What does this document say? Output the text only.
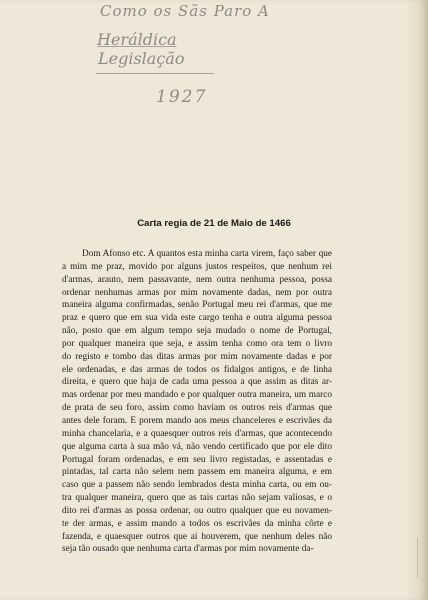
Como os Sãs Paro A
Heráldica
Legislação
1927
Carta regia de 21 de Maio de 1466
Dom Afonso etc. A quantos esta minha carta virem, faço saber que
a mim me praz, movido por alguns justos respeitos, que nenhum rei
d'armas, arauto, nem passavante, nem outra nenhuma pessoa, possa
ordenar nenhumas armas por mim novamente dadas, nem por outra
maneira alguma confirmadas, senão Portugal meu rei d'armas, que me
praz e quero que em sua vida este cargo tenha e outra alguma pessoa
não, posto que em algum tempo seja mudado o nome de Portugal,
por qualquer maneira que seja, e assim tenha como ora tem o livro
do registo e tombo das ditas armas por mim novamente dadas e por
ele ordenadas, e das armas de todos os fidalgos antigos, e de linha
direita, e quero que haja de cada uma pessoa a que assim as ditas ar-
mas ordenar por meu mandado e por qualquer outra maneira, um marco
de prata de seu foro, assim como haviam os outros reis d'armas que
antes dele foram. E porem mando aos meus chanceleres e escrivães da
minha chancelaria, e a quaesquer outros reis d'armas, que acontecendo
que alguma carta à sua mão vá, não vendo certificado que por ele dito
Portugal foram ordenadas, e em seu livro registadas, e assentadas e
pintadas, tal carta não selem nem passem em maneira alguma, e em
caso que a passem não sendo lembrados desta minha carta, ou em ou-
tra qualquer maneira, quero que as tais cartas não sejam valiosas, e o
dito rei d'armas as possa ordenar, ou outro qualquer que eu novamen-
te der armas, e assim mando a todos os escrivães da minha côrte e
fazenda, e quaesquer outros que aí houverem, que nenhum deles não
seja tão ousado que nenhuma carta d'armas por mim novamente da-
